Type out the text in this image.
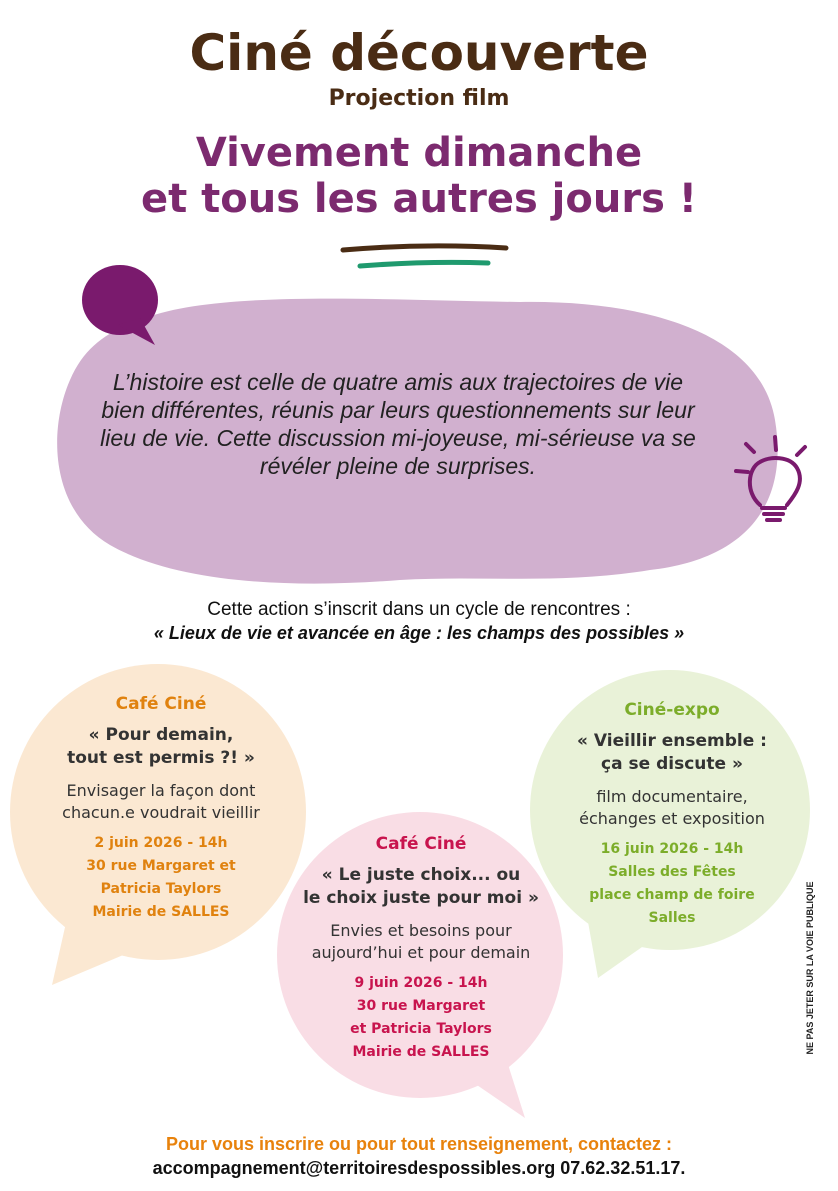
Ciné découverte
Projection film
Vivement dimanche
et tous les autres jours !
L’histoire est celle de quatre amis aux trajectoires de vie bien différentes, réunis par leurs questionnements sur leur lieu de vie. Cette discussion mi-joyeuse, mi-sérieuse va se révéler pleine de surprises.
Cette action s’inscrit dans un cycle de rencontres :
« Lieux de vie et avancée en âge : les champs des possibles »
Café Ciné
« Pour demain,
tout est permis ?! »
Envisager la façon dont
chacun.e voudrait vieillir
2 juin 2026 - 14h
30 rue Margaret et
Patricia Taylors
Mairie de SALLES
Café Ciné
« Le juste choix... ou
le choix juste pour moi »
Envies et besoins pour
aujourd’hui et pour demain
9 juin 2026 - 14h
30 rue Margaret
et Patricia Taylors
Mairie de SALLES
Ciné-expo
« Vieillir ensemble :
ça se discute »
film documentaire,
échanges et exposition
16 juin 2026 - 14h
Salles des Fêtes
place champ de foire
Salles	NE PAS JETER SUR LA VOIE PUBLIQUE
Pour vous inscrire ou pour tout renseignement, contactez :
accompagnement@territoiresdespossibles.org 07.62.32.51.17.
